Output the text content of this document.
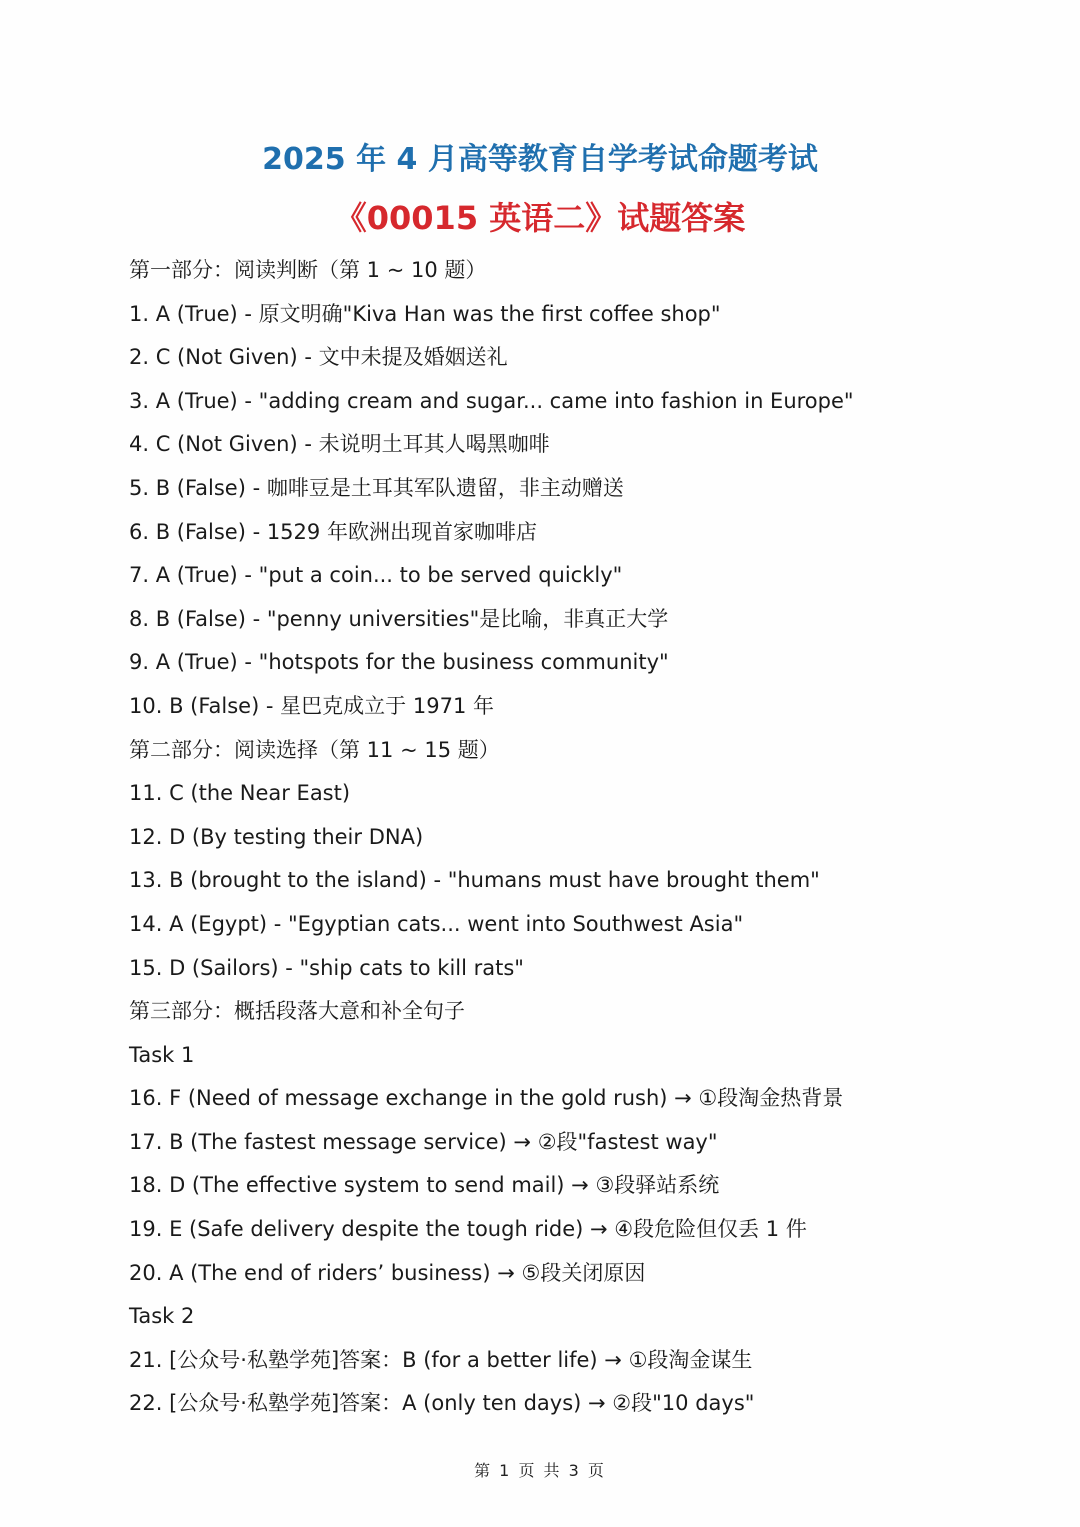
2025 年 4 月高等教育自学考试命题考试
《00015 英语二》试题答案
第一部分：阅读判断（第 1 ~ 10 题）
1. A (True) - 原文明确"Kiva Han was the first coffee shop"
2. C (Not Given) - 文中未提及婚姻送礼
3. A (True) - "adding cream and sugar... came into fashion in Europe"
4. C (Not Given) - 未说明土耳其人喝黑咖啡
5. B (False) - 咖啡豆是土耳其军队遗留，非主动赠送
6. B (False) - 1529 年欧洲出现首家咖啡店
7. A (True) - "put a coin... to be served quickly"
8. B (False) - "penny universities"是比喻，非真正大学
9. A (True) - "hotspots for the business community"
10. B (False) - 星巴克成立于 1971 年
第二部分：阅读选择（第 11 ~ 15 题）
11. C (the Near East)
12. D (By testing their DNA)
13. B (brought to the island) - "humans must have brought them"
14. A (Egypt) - "Egyptian cats... went into Southwest Asia"
15. D (Sailors) - "ship cats to kill rats"
第三部分：概括段落大意和补全句子
Task 1
16. F (Need of message exchange in the gold rush) → ①段淘金热背景
17. B (The fastest message service) → ②段"fastest way"
18. D (The effective system to send mail) → ③段驿站系统
19. E (Safe delivery despite the tough ride) → ④段危险但仅丢 1 件
20. A (The end of riders’ business) → ⑤段关闭原因
Task 2
21. [公众号·私塾学苑]答案：B (for a better life) → ①段淘金谋生
22. [公众号·私塾学苑]答案：A (only ten days) → ②段"10 days"
第 1 页 共 3 页
